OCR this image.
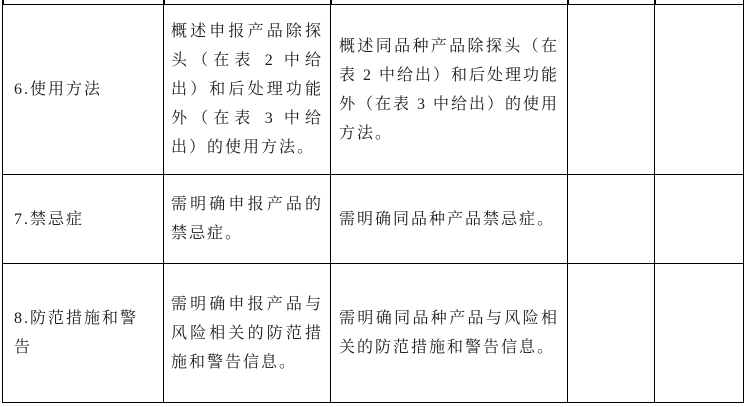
6.使用方法
概述申报产品除探头（在表 2 中给出）和后处理功能外（在表 3 中给出）的使用方法。
概述同品种产品除探头（在表 2 中给出）和后处理功能外（在表 3 中给出）的使用方法。
7.禁忌症
需明确申报产品的禁忌症。
需明确同品种产品禁忌症。
8.防范措施和警告
需明确申报产品与风险相关的防范措施和警告信息。
需明确同品种产品与风险相关的防范措施和警告信息。
